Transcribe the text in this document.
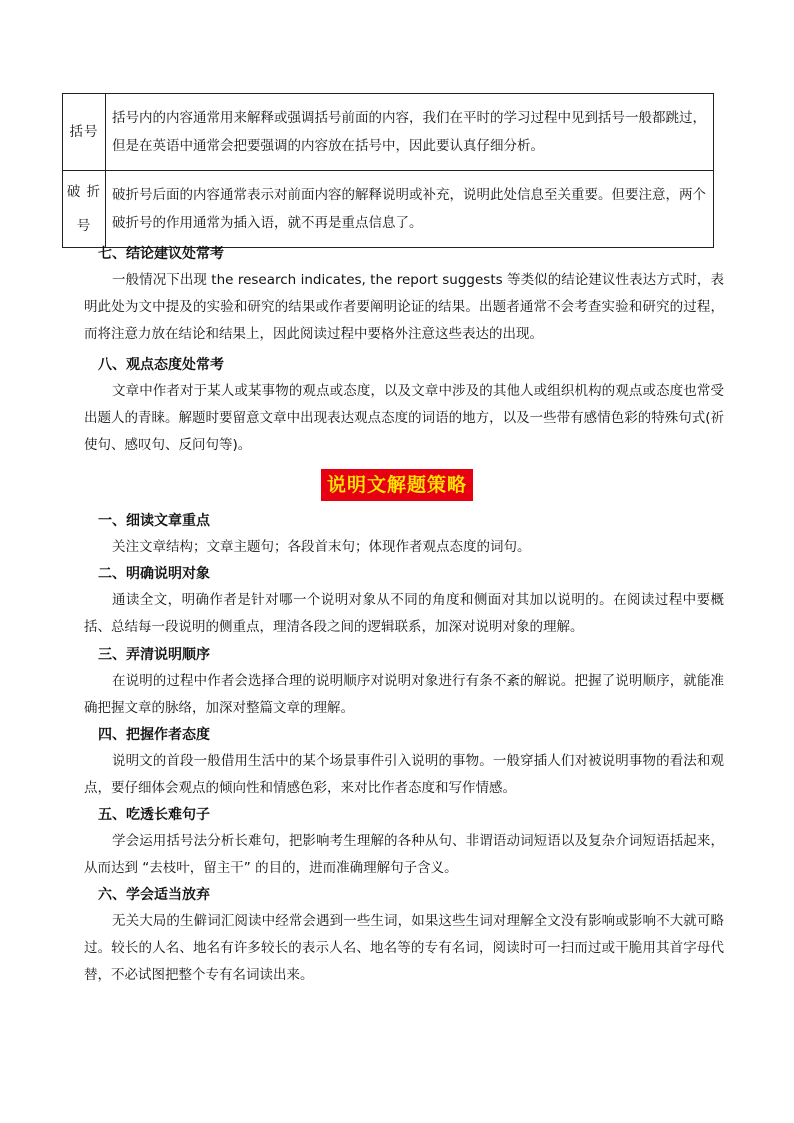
括号	括号内的内容通常用来解释或强调括号前面的内容，我们在平时的学习过程中见到括号一般都跳过，但是在英语中通常会把要强调的内容放在括号中，因此要认真仔细分析。

破 折
号	破折号后面的内容通常表示对前面内容的解释说明或补充，说明此处信息至关重要。但要注意，两个破折号的作用通常为插入语，就不再是重点信息了。

七、结论建议处常考

一般情况下出现 the research indicates, the report suggests 等类似的结论建议性表达方式时，表明此处为文中提及的实验和研究的结果或作者要阐明论证的结果。出题者通常不会考查实验和研究的过程，而将注意力放在结论和结果上，因此阅读过程中要格外注意这些表达的出现。

八、观点态度处常考

文章中作者对于某人或某事物的观点或态度，以及文章中涉及的其他人或组织机构的观点或态度也常受出题人的青睐。解题时要留意文章中出现表达观点态度的词语的地方，以及一些带有感情色彩的特殊句式(祈使句、感叹句、反问句等)。

说明文解题策略

一、细读文章重点

关注文章结构；文章主题句；各段首末句；体现作者观点态度的词句。

二、明确说明对象

通读全文，明确作者是针对哪一个说明对象从不同的角度和侧面对其加以说明的。在阅读过程中要概括、总结每一段说明的侧重点，理清各段之间的逻辑联系，加深对说明对象的理解。

三、弄清说明顺序

在说明的过程中作者会选择合理的说明顺序对说明对象进行有条不紊的解说。把握了说明顺序，就能准确把握文章的脉络，加深对整篇文章的理解。

四、把握作者态度

说明文的首段一般借用生活中的某个场景事件引入说明的事物。一般穿插人们对被说明事物的看法和观点，要仔细体会观点的倾向性和情感色彩，来对比作者态度和写作情感。

五、吃透长难句子

学会运用括号法分析长难句，把影响考生理解的各种从句、非谓语动词短语以及复杂介词短语括起来，从而达到 “去枝叶，留主干” 的目的，进而准确理解句子含义。

六、学会适当放弃

无关大局的生僻词汇阅读中经常会遇到一些生词，如果这些生词对理解全文没有影响或影响不大就可略过。较长的人名、地名有许多较长的表示人名、地名等的专有名词，阅读时可一扫而过或干脆用其首字母代替，不必试图把整个专有名词读出来。
